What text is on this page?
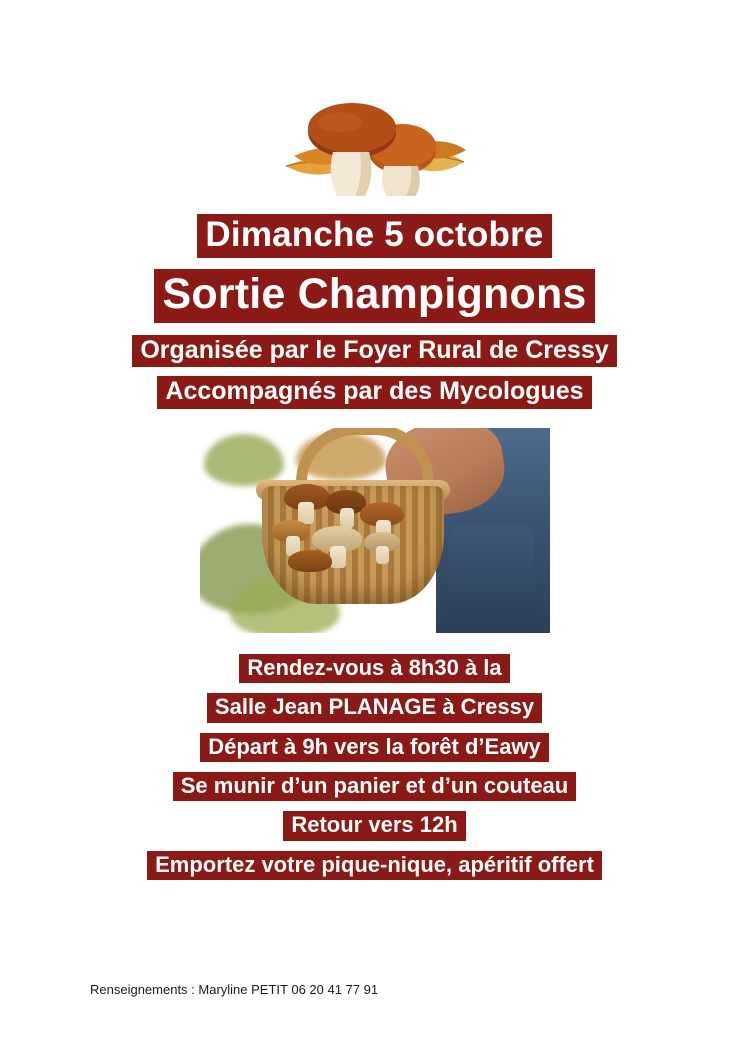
Dimanche 5 octobre
Sortie Champignons
Organisée par le Foyer Rural de Cressy
Accompagnés par des Mycologues
Rendez-vous à 8h30 à la
Salle Jean PLANAGE à Cressy
Départ à 9h vers la forêt d’Eawy
Se munir d’un panier et d’un couteau
Retour vers 12h
Emportez votre pique-nique, apéritif offert
Renseignements : Maryline PETIT 06 20 41 77 91
